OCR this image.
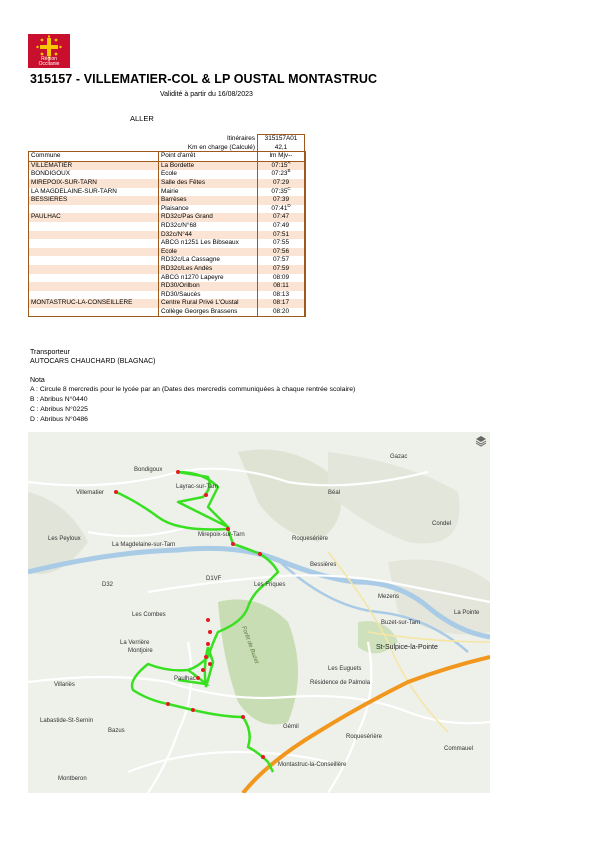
Région Occitanie
315157 - VILLEMATIER-COL & LP OUSTAL MONTASTRUC
Validité à partir du 16/08/2023
ALLER
	Itinéraires	315157A01
	Km en charge (Calculé)	42,1
Commune	Point d'arrêt	lm Mjv--
VILLEMATIER	La Bordette	$07:15^A$
BONDIGOUX	Ecole	$07:23^B$
MIREPOIX-SUR-TARN	Salle des Fêtes	07:29
LA MAGDELAINE-SUR-TARN	Mairie	$07:35^C$
BESSIERES	Barrèses	07:39
	Plaisance	$07:41^D$
PAULHAC	RD32c/Pas Grand	07:47
	RD32c/N°68	07:49
	D32c/N°44	07:51
	ABCG n1251 Les Bibseaux	07:55
	Ecole	07:56
	RD32c/La Cassagne	07:57
	RD32c/Les Andès	07:59
	ABCG n1270 Lapeyre	08:09
	RD30/Orilbon	08:11
	RD30/Saucès	08:13
MONTASTRUC-LA-CONSEILLERE	Centre Rural Privé L'Oustal	08:17
	Collège Georges Brassens	08:20
Transporteur
AUTOCARS CHAUCHARD (BLAGNAC)
Nota
A : Circule 8 mercredis pour le lycée par an (Dates des mercredis communiquées à chaque rentrée scolaire)
B : Abribus N°0440
C : Abribus N°0225
D : Abribus N°0486
Bondigoux
Layrac-sur-Tarn
Villematier
Mirepoix-sur-Tarn
La Magdelaine-sur-Tarn
Les Peyloux	Roquesérière
Bessières
Les Friques
Buzet-sur-Tarn
St-Sulpice-la-Pointe
Gazac
Béal
Condel
Mezens
La Pointe
Les Combes
Montjoire
Paulhac
Villariès
Labastide-St-Sernin
Bazus
Montastruc-la-Conseillère
Montberon
Forêt de Buzet
Gémil
Roquesérière
Les Euguets
Résidence de Palmola
Commauel
La Verrière
D1VF
D32
